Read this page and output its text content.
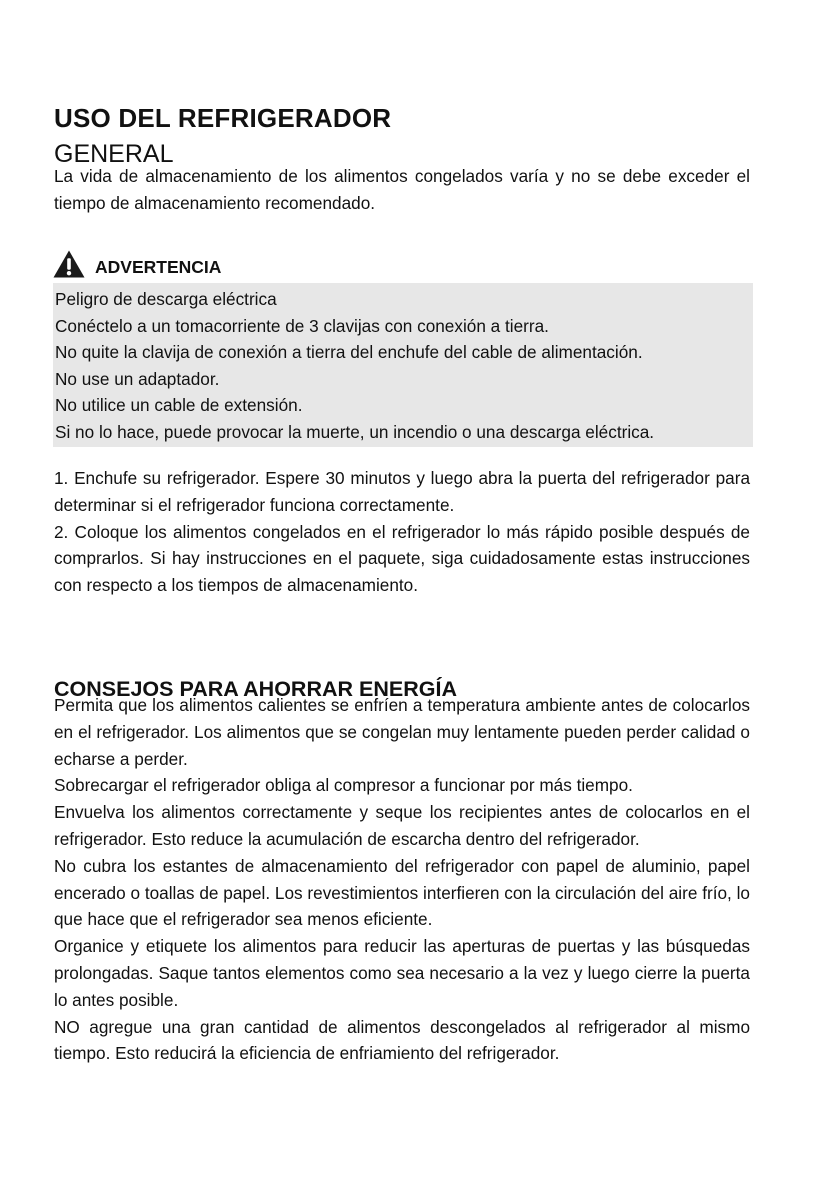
USO DEL REFRIGERADOR
GENERAL

La vida de almacenamiento de los alimentos congelados varía y no se debe exceder el tiempo de almacenamiento recomendado.

ADVERTENCIA
Peligro de descarga eléctrica
Conéctelo a un tomacorriente de 3 clavijas con conexión a tierra.
No quite la clavija de conexión a tierra del enchufe del cable de alimentación.
No use un adaptador.
No utilice un cable de extensión.
Si no lo hace, puede provocar la muerte, un incendio o una descarga eléctrica.

1. Enchufe su refrigerador. Espere 30 minutos y luego abra la puerta del refrigerador para determinar si el refrigerador funciona correctamente.

2. Coloque los alimentos congelados en el refrigerador lo más rápido posible después de comprarlos. Si hay instrucciones en el paquete, siga cuidadosamente estas instrucciones con respecto a los tiempos de almacenamiento.

CONSEJOS PARA AHORRAR ENERGÍA

Permita que los alimentos calientes se enfríen a temperatura ambiente antes de colocarlos en el refrigerador. Los alimentos que se congelan muy lentamente pueden perder calidad o echarse a perder.

Sobrecargar el refrigerador obliga al compresor a funcionar por más tiempo.

Envuelva los alimentos correctamente y seque los recipientes antes de colocarlos en el refrigerador. Esto reduce la acumulación de escarcha dentro del refrigerador.

No cubra los estantes de almacenamiento del refrigerador con papel de aluminio, papel encerado o toallas de papel. Los revestimientos interfieren con la circulación del aire frío, lo que hace que el refrigerador sea menos eficiente.

Organice y etiquete los alimentos para reducir las aperturas de puertas y las búsquedas prolongadas. Saque tantos elementos como sea necesario a la vez y luego cierre la puerta lo antes posible.

NO agregue una gran cantidad de alimentos descongelados al refrigerador al mismo tiempo. Esto reducirá la eficiencia de enfriamiento del refrigerador.
